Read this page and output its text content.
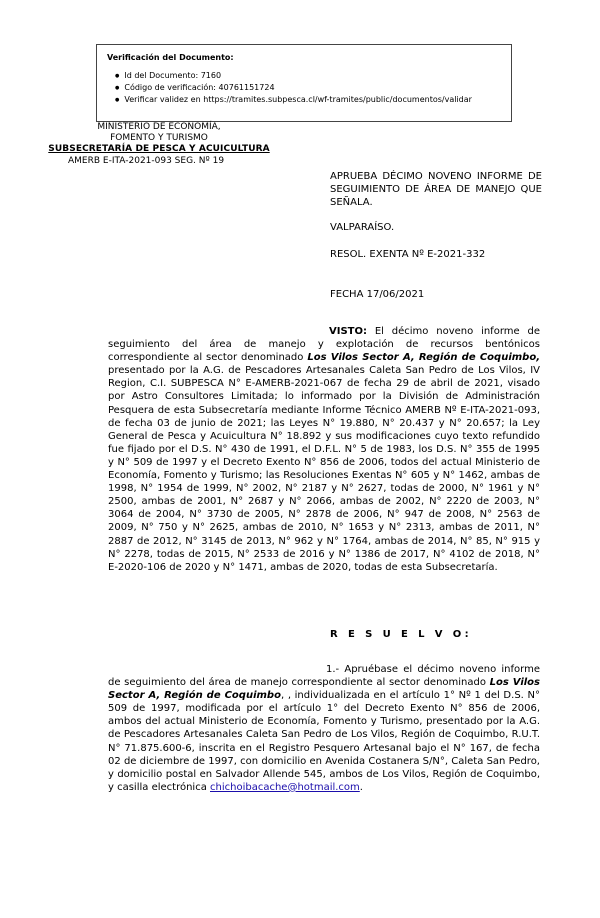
Verificación del Documento:

● Id del Documento: 7160
● Código de verificación: 40761151724
● Verificar validez en https://tramites.subpesca.cl/wf-tramites/public/documentos/validar
MINISTERIO DE ECONOMÍA,
FOMENTO Y TURISMO
SUBSECRETARÍA DE PESCA Y ACUICULTURA
AMERB E-ITA-2021-093 SEG. Nº 19
APRUEBA DÉCIMO NOVENO INFORME DE SEGUIMIENTO DE ÁREA DE MANEJO QUE SEÑALA.
VALPARAÍSO.
RESOL. EXENTA Nº E-2021-332
FECHA 17/06/2021
VISTO: El décimo noveno informe de seguimiento del área de manejo y explotación de recursos bentónicos correspondiente al sector denominado Los Vilos Sector A, Región de Coquimbo, presentado por la A.G. de Pescadores Artesanales Caleta San Pedro de Los Vilos, IV Region, C.I. SUBPESCA N° E-AMERB-2021-067 de fecha 29 de abril de 2021, visado por Astro Consultores Limitada; lo informado por la División de Administración Pesquera de esta Subsecretaría mediante Informe Técnico AMERB Nº E-ITA-2021-093, de fecha 03 de junio de 2021; las Leyes N° 19.880, N° 20.437 y N° 20.657; la Ley General de Pesca y Acuicultura N° 18.892 y sus modificaciones cuyo texto refundido fue fijado por el D.S. N° 430 de 1991, el D.F.L. N° 5 de 1983, los D.S. N° 355 de 1995 y N° 509 de 1997 y el Decreto Exento N° 856 de 2006, todos del actual Ministerio de Economía, Fomento y Turismo; las Resoluciones Exentas N° 605 y N° 1462, ambas de 1998, N° 1954 de 1999, N° 2002, N° 2187 y N° 2627, todas de 2000, N° 1961 y N° 2500, ambas de 2001, N° 2687 y N° 2066, ambas de 2002, N° 2220 de 2003, N° 3064 de 2004, N° 3730 de 2005, N° 2878 de 2006, N° 947 de 2008, N° 2563 de 2009, N° 750 y N° 2625, ambas de 2010, N° 1653 y N° 2313, ambas de 2011, N° 2887 de 2012, N° 3145 de 2013, N° 962 y N° 1764, ambas de 2014, N° 85, N° 915 y N° 2278, todas de 2015, N° 2533 de 2016 y N° 1386 de 2017, N° 4102 de 2018, N° E-2020-106 de 2020 y N° 1471, ambas de 2020, todas de esta Subsecretaría.
R E S U E L V O:
1.- Apruébase el décimo noveno informe de seguimiento del área de manejo correspondiente al sector denominado Los Vilos Sector A, Región de Coquimbo, , individualizada en el artículo 1° Nº 1 del D.S. N° 509 de 1997, modificada por el artículo 1° del Decreto Exento N° 856 de 2006, ambos del actual Ministerio de Economía, Fomento y Turismo, presentado por la A.G. de Pescadores Artesanales Caleta San Pedro de Los Vilos, Región de Coquimbo, R.U.T. N° 71.875.600-6, inscrita en el Registro Pesquero Artesanal bajo el N° 167, de fecha 02 de diciembre de 1997, con domicilio en Avenida Costanera S/N°, Caleta San Pedro, y domicilio postal en Salvador Allende 545, ambos de Los Vilos, Región de Coquimbo, y casilla electrónica chichoibacache@hotmail.com.
